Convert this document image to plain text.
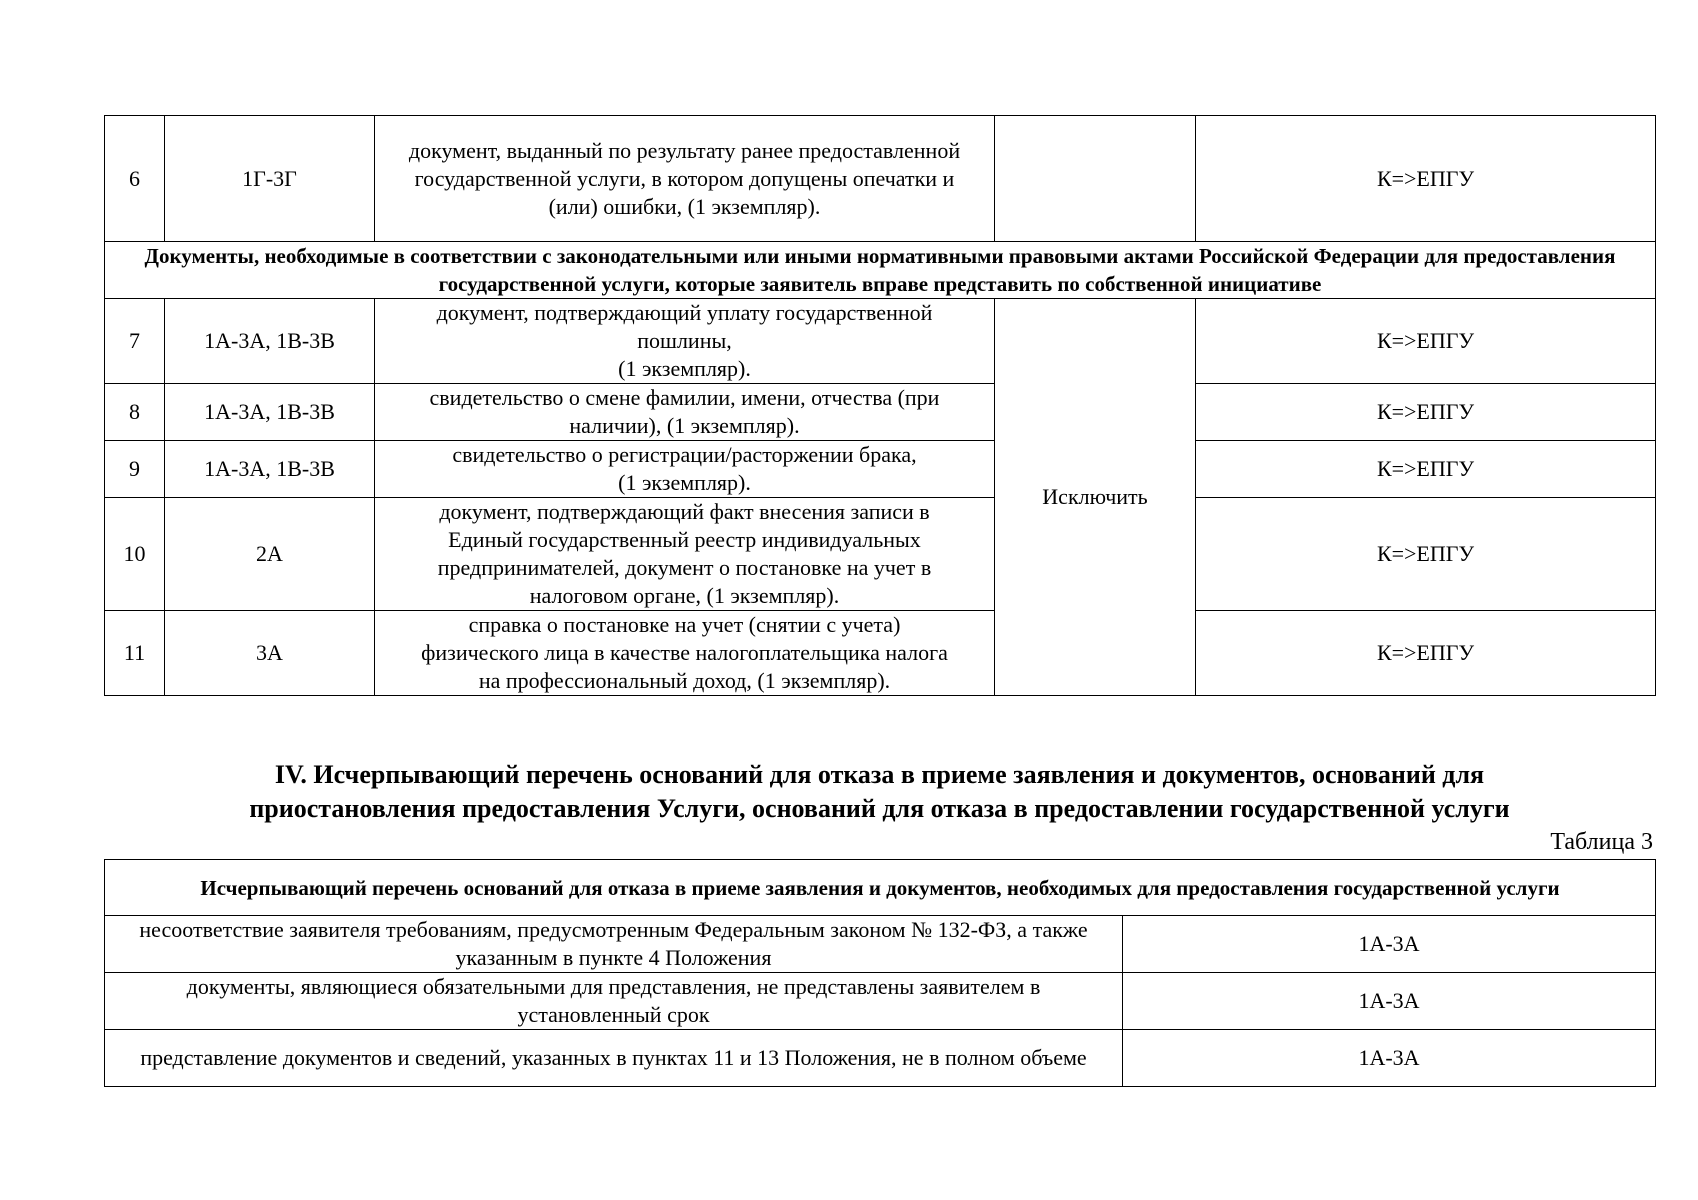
6	1Г-3Г	документ, выданный по результату ранее предоставленной государственной услуги, в котором допущены опечатки и (или) ошибки, (1 экземпляр).		К=>ЕПГУ
Документы, необходимые в соответствии с законодательными или иными нормативными правовыми актами Российской Федерации для предоставления государственной услуги, которые заявитель вправе представить по собственной инициативе				
7	1А-3А, 1В-3В	документ, подтверждающий уплату государственной
пошлины,
(1 экземпляр).	Исключить	К=>ЕПГУ
8	1А-3А, 1В-3В	свидетельство о смене фамилии, имени, отчества (при
наличии), (1 экземпляр).		К=>ЕПГУ
9	1А-3А, 1В-3В	свидетельство о регистрации/расторжении брака,
(1 экземпляр).		К=>ЕПГУ
10	2А	документ, подтверждающий факт внесения записи в
Единый государственный реестр индивидуальных
предпринимателей, документ о постановке на учет в
налоговом органе, (1 экземпляр).		К=>ЕПГУ
11	3А	справка о постановке на учет (снятии с учета)
физического лица в качестве налогоплательщика налога
на профессиональный доход, (1 экземпляр).		К=>ЕПГУ
IV. Исчерпывающий перечень оснований для отказа в приеме заявления и документов, оснований для
приостановления предоставления Услуги, оснований для отказа в предоставлении государственной услуги
Таблица 3
Исчерпывающий перечень оснований для отказа в приеме заявления и документов, необходимых для предоставления государственной услуги	
несоответствие заявителя требованиям, предусмотренным Федеральным законом № 132-ФЗ, а также указанным в пункте 4 Положения	1А-3А
документы, являющиеся обязательными для представления, не представлены заявителем в установленный срок	1А-3А
представление документов и сведений, указанных в пунктах 11 и 13 Положения, не в полном объеме	1А-3А
